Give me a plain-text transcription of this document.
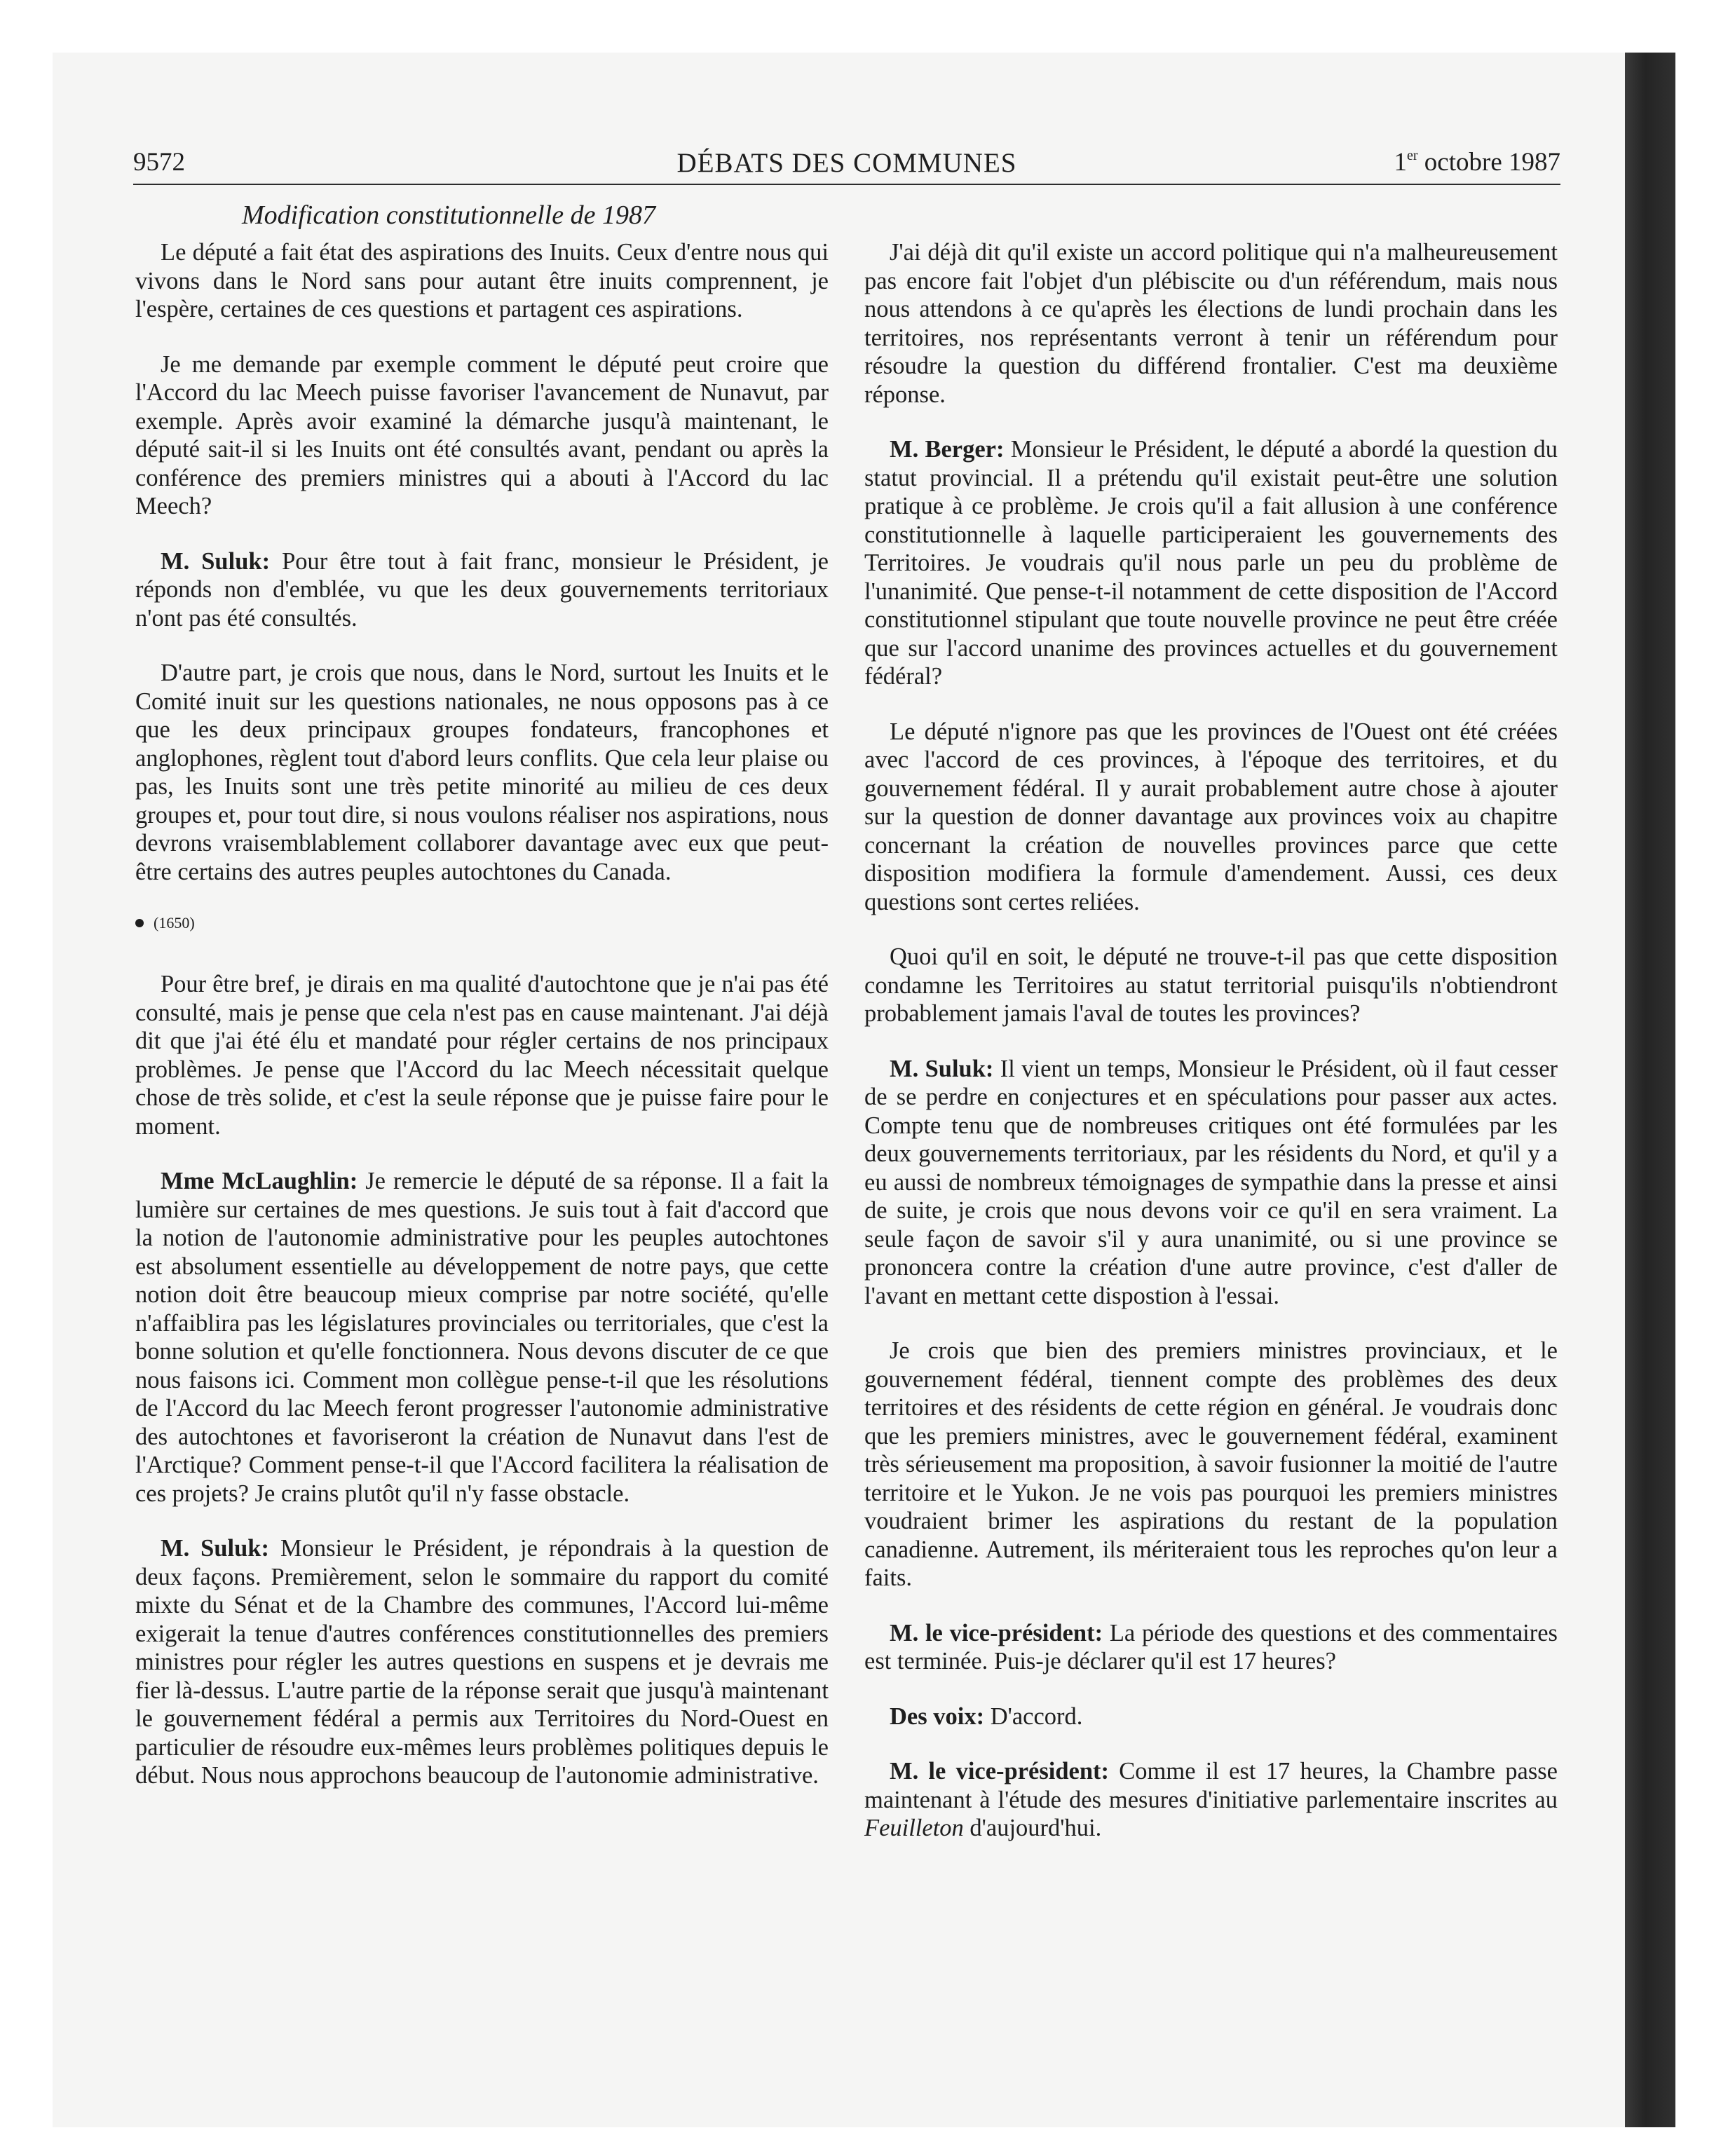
9572	DÉBATS DES COMMUNES	1er octobre 1987
Modification constitutionnelle de 1987

Le député a fait état des aspirations des Inuits. Ceux d'entre nous qui vivons dans le Nord sans pour autant être inuits comprennent, je l'espère, certaines de ces questions et partagent ces aspirations.

Je me demande par exemple comment le député peut croire que l'Accord du lac Meech puisse favoriser l'avancement de Nunavut, par exemple. Après avoir examiné la démarche jusqu'à maintenant, le député sait-il si les Inuits ont été consultés avant, pendant ou après la conférence des premiers ministres qui a abouti à l'Accord du lac Meech?

M. Suluk: Pour être tout à fait franc, monsieur le Président, je réponds non d'emblée, vu que les deux gouvernements territoriaux n'ont pas été consultés.

D'autre part, je crois que nous, dans le Nord, surtout les Inuits et le Comité inuit sur les questions nationales, ne nous opposons pas à ce que les deux principaux groupes fondateurs, francophones et anglophones, règlent tout d'abord leurs conflits. Que cela leur plaise ou pas, les Inuits sont une très petite minorité au milieu de ces deux groupes et, pour tout dire, si nous voulons réaliser nos aspirations, nous devrons vraisemblablement collaborer davantage avec eux que peut-être certains des autres peuples autochtones du Canada.

(1650)

Pour être bref, je dirais en ma qualité d'autochtone que je n'ai pas été consulté, mais je pense que cela n'est pas en cause maintenant. J'ai déjà dit que j'ai été élu et mandaté pour régler certains de nos principaux problèmes. Je pense que l'Accord du lac Meech nécessitait quelque chose de très solide, et c'est la seule réponse que je puisse faire pour le moment.

Mme McLaughlin: Je remercie le député de sa réponse. Il a fait la lumière sur certaines de mes questions. Je suis tout à fait d'accord que la notion de l'autonomie administrative pour les peuples autochtones est absolument essentielle au développement de notre pays, que cette notion doit être beaucoup mieux comprise par notre société, qu'elle n'affaiblira pas les législatures provinciales ou territoriales, que c'est la bonne solution et qu'elle fonctionnera. Nous devons discuter de ce que nous faisons ici. Comment mon collègue pense-t-il que les résolutions de l'Accord du lac Meech feront progresser l'autonomie administrative des autochtones et favoriseront la création de Nunavut dans l'est de l'Arctique? Comment pense-t-il que l'Accord facilitera la réalisation de ces projets? Je crains plutôt qu'il n'y fasse obstacle.

M. Suluk: Monsieur le Président, je répondrais à la question de deux façons. Premièrement, selon le sommaire du rapport du comité mixte du Sénat et de la Chambre des communes, l'Accord lui-même exigerait la tenue d'autres conférences constitutionnelles des premiers ministres pour régler les autres questions en suspens et je devrais me fier là-dessus. L'autre partie de la réponse serait que jusqu'à maintenant le gouvernement fédéral a permis aux Territoires du Nord-Ouest en particulier de résoudre eux-mêmes leurs problèmes politiques depuis le début. Nous nous approchons beaucoup de l'autonomie administrative.

J'ai déjà dit qu'il existe un accord politique qui n'a malheureusement pas encore fait l'objet d'un plébiscite ou d'un référendum, mais nous nous attendons à ce qu'après les élections de lundi prochain dans les territoires, nos représentants verront à tenir un référendum pour résoudre la question du différend frontalier. C'est ma deuxième réponse.

M. Berger: Monsieur le Président, le député a abordé la question du statut provincial. Il a prétendu qu'il existait peut-être une solution pratique à ce problème. Je crois qu'il a fait allusion à une conférence constitutionnelle à laquelle participeraient les gouvernements des Territoires. Je voudrais qu'il nous parle un peu du problème de l'unanimité. Que pense-t-il notamment de cette disposition de l'Accord constitutionnel stipulant que toute nouvelle province ne peut être créée que sur l'accord unanime des provinces actuelles et du gouvernement fédéral?

Le député n'ignore pas que les provinces de l'Ouest ont été créées avec l'accord de ces provinces, à l'époque des territoires, et du gouvernement fédéral. Il y aurait probablement autre chose à ajouter sur la question de donner davantage aux provinces voix au chapitre concernant la création de nouvelles provinces parce que cette disposition modifiera la formule d'amendement. Aussi, ces deux questions sont certes reliées.

Quoi qu'il en soit, le député ne trouve-t-il pas que cette disposition condamne les Territoires au statut territorial puisqu'ils n'obtiendront probablement jamais l'aval de toutes les provinces?

M. Suluk: Il vient un temps, Monsieur le Président, où il faut cesser de se perdre en conjectures et en spéculations pour passer aux actes. Compte tenu que de nombreuses critiques ont été formulées par les deux gouvernements territoriaux, par les résidents du Nord, et qu'il y a eu aussi de nombreux témoignages de sympathie dans la presse et ainsi de suite, je crois que nous devons voir ce qu'il en sera vraiment. La seule façon de savoir s'il y aura unanimité, ou si une province se prononcera contre la création d'une autre province, c'est d'aller de l'avant en mettant cette dispostion à l'essai.

Je crois que bien des premiers ministres provinciaux, et le gouvernement fédéral, tiennent compte des problèmes des deux territoires et des résidents de cette région en général. Je voudrais donc que les premiers ministres, avec le gouvernement fédéral, examinent très sérieusement ma proposition, à savoir fusionner la moitié de l'autre territoire et le Yukon. Je ne vois pas pourquoi les premiers ministres voudraient brimer les aspirations du restant de la population canadienne. Autrement, ils mériteraient tous les reproches qu'on leur a faits.

M. le vice-président: La période des questions et des commentaires est terminée. Puis-je déclarer qu'il est 17 heures?

Des voix: D'accord.

M. le vice-président: Comme il est 17 heures, la Chambre passe maintenant à l'étude des mesures d'initiative parlementaire inscrites au Feuilleton d'aujourd'hui.
